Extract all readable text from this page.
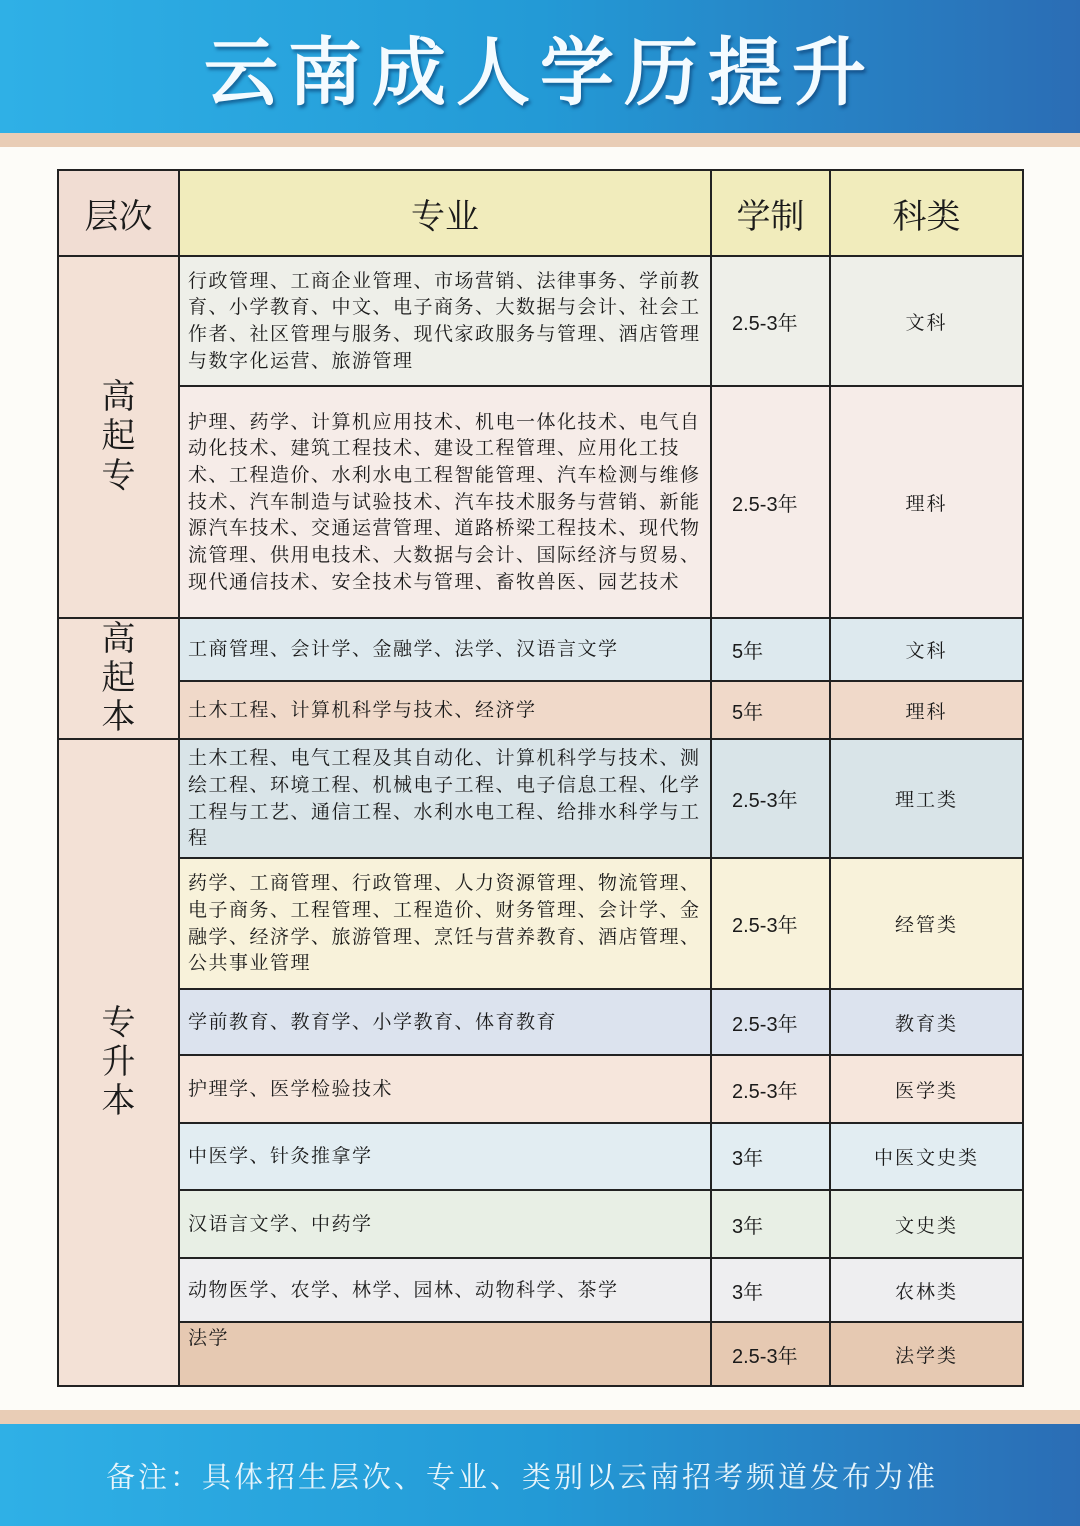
云南成人学历提升
层次	专业	学制	科类

高起专	行政管理、工商企业管理、市场营销、法律事务、学前教育、小学教育、中文、电子商务、大数据与会计、社会工作者、社区管理与服务、现代家政服务与管理、酒店管理与数字化运营、旅游管理	2.5-3年	文科
	护理、药学、计算机应用技术、机电一体化技术、电气自动化技术、建筑工程技术、建设工程管理、应用化工技术、工程造价、水利水电工程智能管理、汽车检测与维修技术、汽车制造与试验技术、汽车技术服务与营销、新能源汽车技术、交通运营管理、道路桥梁工程技术、现代物流管理、供用电技术、大数据与会计、国际经济与贸易、现代通信技术、安全技术与管理、畜牧兽医、园艺技术	2.5-3年	理科

高起本	工商管理、会计学、金融学、法学、汉语言文学	5年	文科
	土木工程、计算机科学与技术、经济学	5年	理科

专升本	土木工程、电气工程及其自动化、计算机科学与技术、测绘工程、环境工程、机械电子工程、电子信息工程、化学工程与工艺、通信工程、水利水电工程、给排水科学与工程	2.5-3年	理工类
	药学、工商管理、行政管理、人力资源管理、物流管理、电子商务、工程管理、工程造价、财务管理、会计学、金融学、经济学、旅游管理、烹饪与营养教育、酒店管理、公共事业管理	2.5-3年	经管类
	学前教育、教育学、小学教育、体育教育	2.5-3年	教育类
	护理学、医学检验技术	2.5-3年	医学类
	中医学、针灸推拿学	3年	中医文史类
	汉语言文学、中药学	3年	文史类
	动物医学、农学、林学、园林、动物科学、茶学	3年	农林类
	法学	2.5-3年	法学类
备注：具体招生层次、专业、类别以云南招考频道发布为准
